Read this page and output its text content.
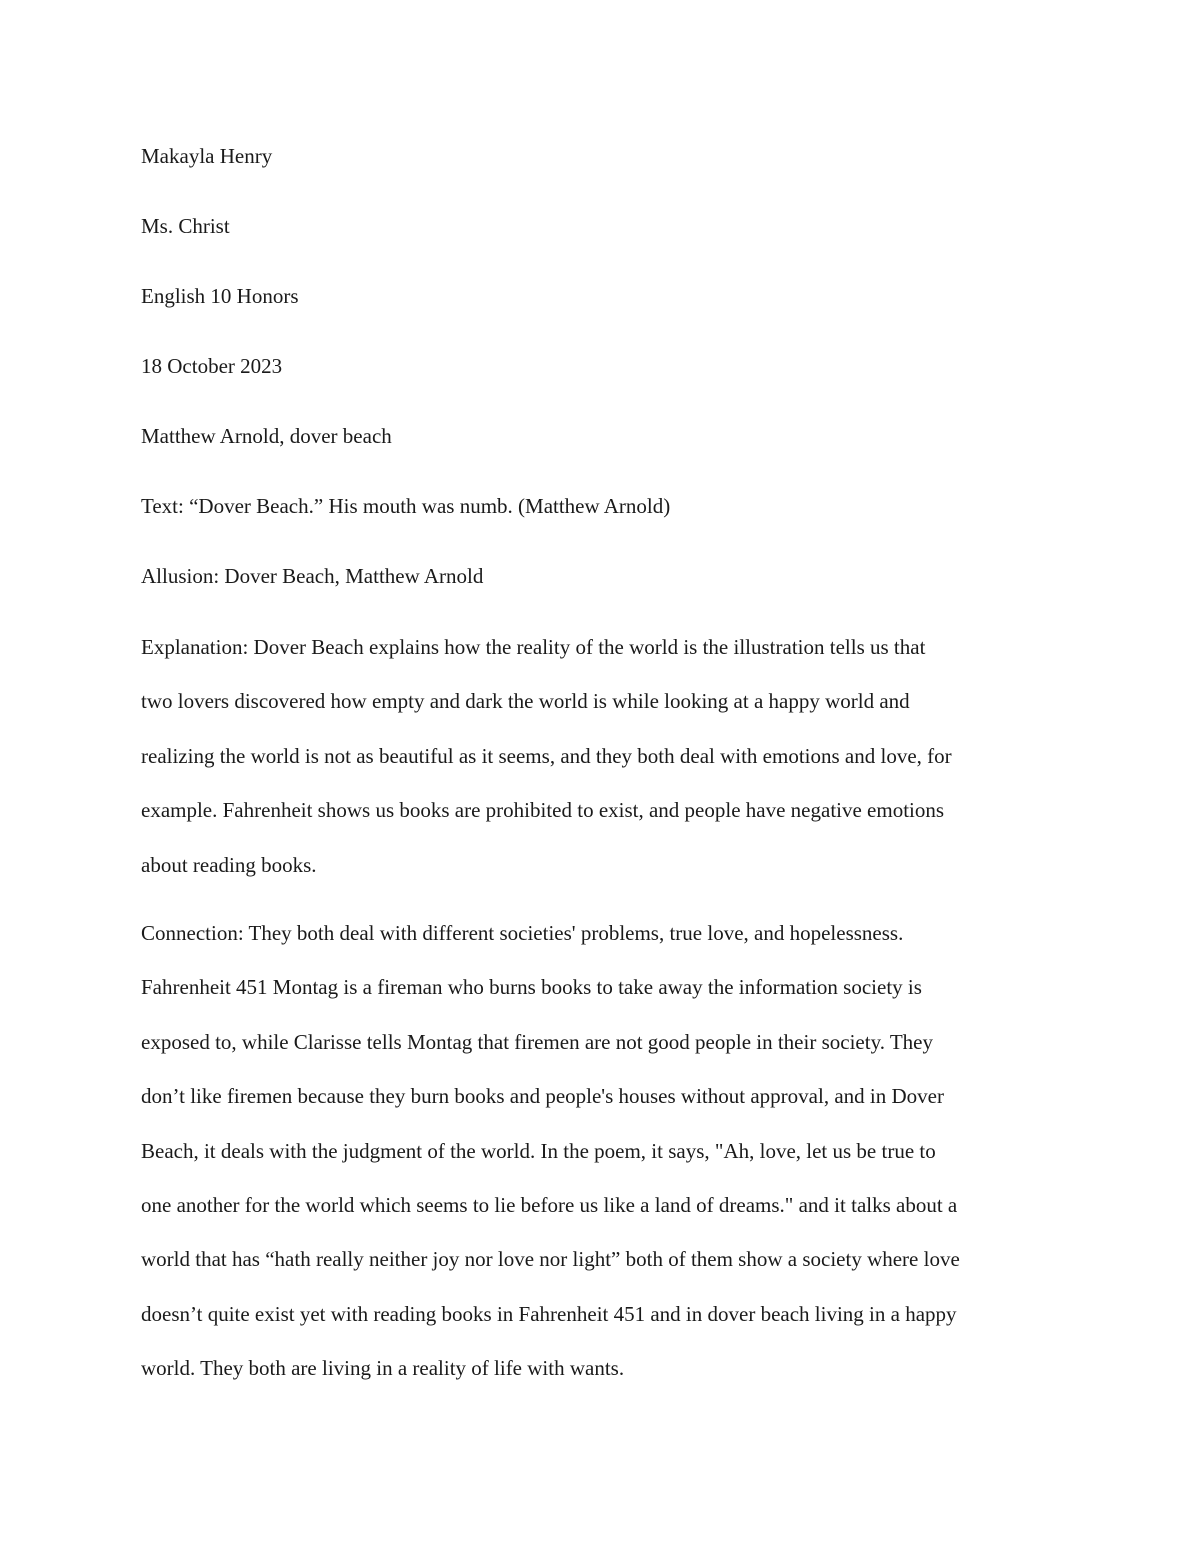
Makayla Henry
Ms. Christ
English 10 Honors
18 October 2023
Matthew Arnold, dover beach
Text: “Dover Beach.” His mouth was numb. (Matthew Arnold)
Allusion: Dover Beach, Matthew Arnold
Explanation: Dover Beach explains how the reality of the world is the illustration tells us that
two lovers discovered how empty and dark the world is while looking at a happy world and
realizing the world is not as beautiful as it seems, and they both deal with emotions and love, for
example. Fahrenheit shows us books are prohibited to exist, and people have negative emotions
about reading books.
Connection: They both deal with different societies' problems, true love, and hopelessness.
Fahrenheit 451 Montag is a fireman who burns books to take away the information society is
exposed to, while Clarisse tells Montag that firemen are not good people in their society. They
don’t like firemen because they burn books and people's houses without approval, and in Dover
Beach, it deals with the judgment of the world. In the poem, it says, "Ah, love, let us be true to
one another for the world which seems to lie before us like a land of dreams." and it talks about a
world that has “hath really neither joy nor love nor light” both of them show a society where love
doesn’t quite exist yet with reading books in Fahrenheit 451 and in dover beach living in a happy
world. They both are living in a reality of life with wants.
